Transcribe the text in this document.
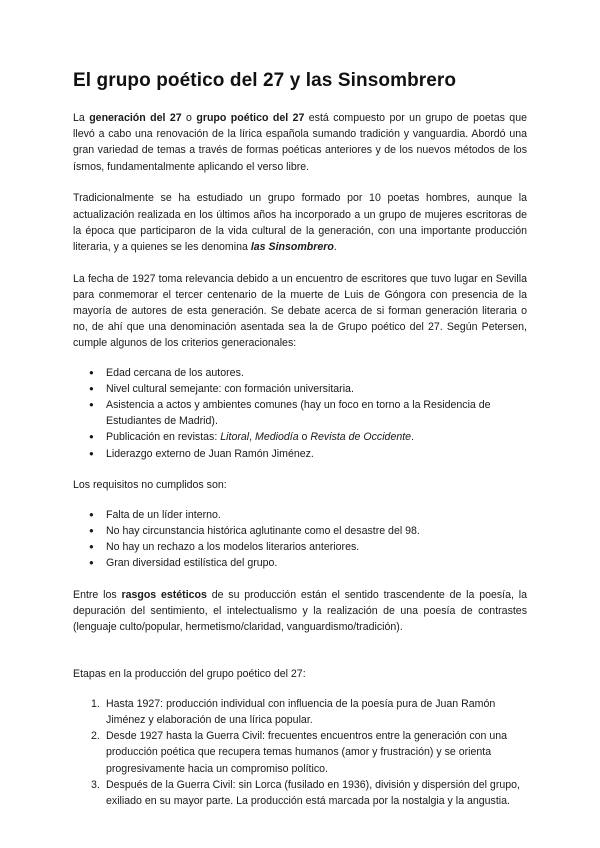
El grupo poético del 27 y las Sinsombrero

La generación del 27 o grupo poético del 27 está compuesto por un grupo de poetas que llevó a cabo una renovación de la lírica española sumando tradición y vanguardia. Abordó una gran variedad de temas a través de formas poéticas anteriores y de los nuevos métodos de los ísmos, fundamentalmente aplicando el verso libre.

Tradicionalmente se ha estudiado un grupo formado por 10 poetas hombres, aunque la actualización realizada en los últimos años ha incorporado a un grupo de mujeres escritoras de la época que participaron de la vida cultural de la generación, con una importante producción literaria, y a quienes se les denomina las Sinsombrero.

La fecha de 1927 toma relevancia debido a un encuentro de escritores que tuvo lugar en Sevilla para conmemorar el tercer centenario de la muerte de Luis de Góngora con presencia de la mayoría de autores de esta generación. Se debate acerca de si forman generación literaria o no, de ahí que una denominación asentada sea la de Grupo poético del 27. Según Petersen, cumple algunos de los criterios generacionales:

● Edad cercana de los autores.
● Nivel cultural semejante: con formación universitaria.
● Asistencia a actos y ambientes comunes (hay un foco en torno a la Residencia de Estudiantes de Madrid).
● Publicación en revistas: Litoral, Mediodía o Revista de Occidente.
● Liderazgo externo de Juan Ramón Jiménez.

Los requisitos no cumplidos son:

● Falta de un líder interno.
● No hay circunstancia histórica aglutinante como el desastre del 98.
● No hay un rechazo a los modelos literarios anteriores.
● Gran diversidad estilística del grupo.

Entre los rasgos estéticos de su producción están el sentido trascendente de la poesía, la depuración del sentimiento, el intelectualismo y la realización de una poesía de contrastes (lenguaje culto/popular, hermetismo/claridad, vanguardismo/tradición).

Etapas en la producción del grupo poético del 27:

1. Hasta 1927: producción individual con influencia de la poesía pura de Juan Ramón Jiménez y elaboración de una lírica popular.
2. Desde 1927 hasta la Guerra Civil: frecuentes encuentros entre la generación con una producción poética que recupera temas humanos (amor y frustración) y se orienta progresivamente hacia un compromiso político.
3. Después de la Guerra Civil: sin Lorca (fusilado en 1936), división y dispersión del grupo, exiliado en su mayor parte. La producción está marcada por la nostalgia y la angustia.
